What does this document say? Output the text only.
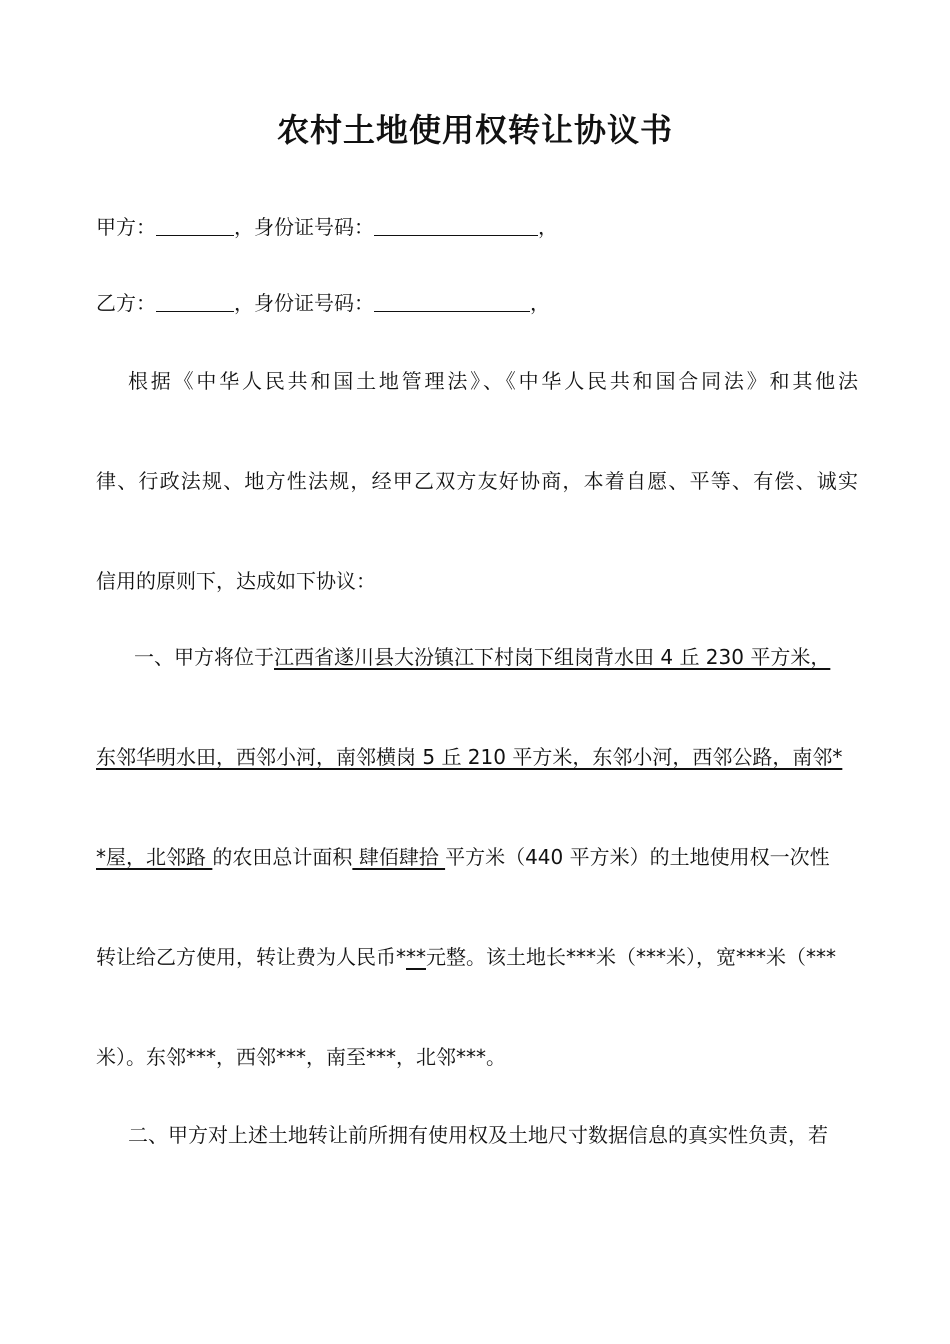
农村土地使用权转让协议书

甲方：	，身份证号码：	，

乙方：	，身份证号码：	，

根据《中华人民共和国土地管理法》、《中华人民共和国合同法》和其他法

律、行政法规、地方性法规，经甲乙双方友好协商，本着自愿、平等、有偿、诚实

信用的原则下，达成如下协议：

一、甲方将位于江西省遂川县大汾镇江下村岗下组岗背水田 4 丘 230 平方米，

东邻华明水田，西邻小河，南邻横岗 5 丘 210 平方米，东邻小河，西邻公路，南邻*

*屋，北邻路 的农田总计面积 肆佰肆拾 平方米（440 平方米）的土地使用权一次性

转让给乙方使用，转让费为人民币***元整。该土地长***米（***米），宽***米（***

米）。东邻***，西邻***，南至***，北邻***。

二、甲方对上述土地转让前所拥有使用权及土地尺寸数据信息的真实性负责，若
